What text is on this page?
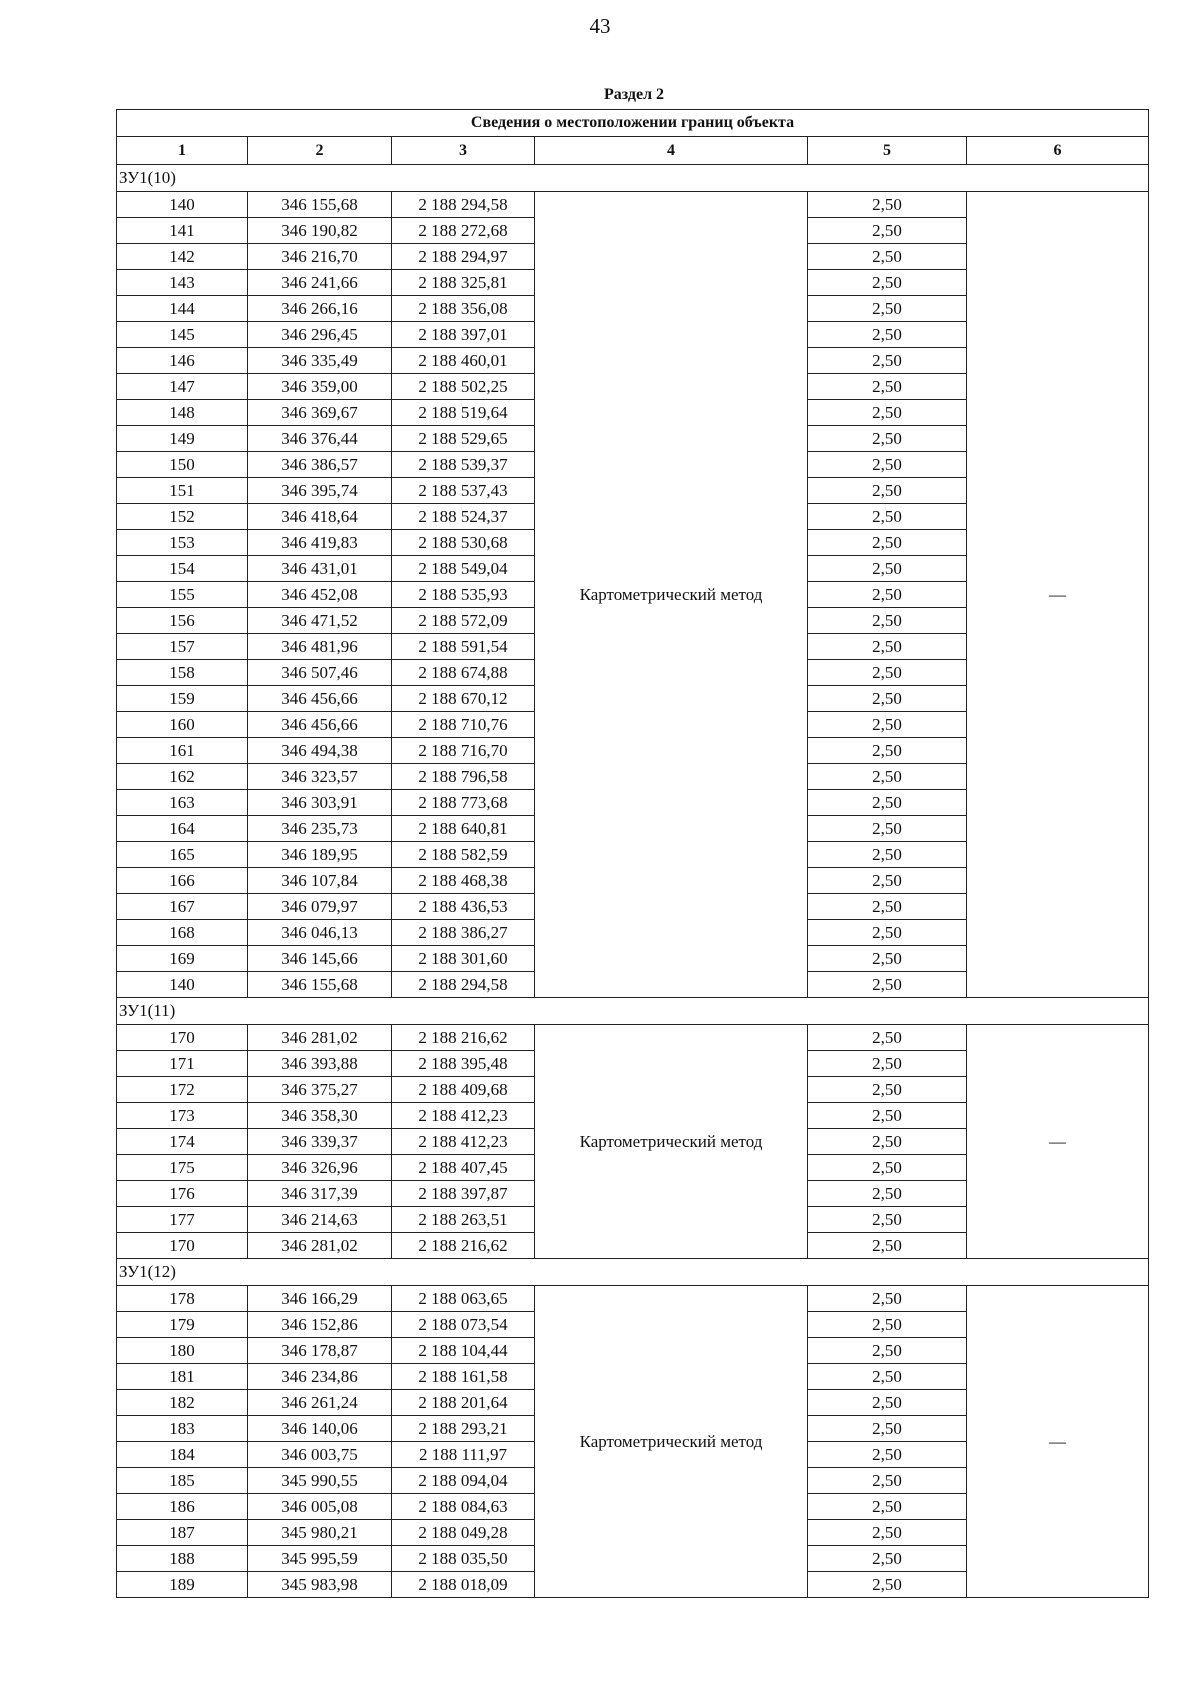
43
Раздел 2
Сведения о местоположении границ объекта					
1	2	3	4	5	6
ЗУ1(10)					
140	346 155,68	2 188 294,58	Картометрический метод	2,50	—
141	346 190,82	2 188 272,68		2,50	
142	346 216,70	2 188 294,97		2,50	
143	346 241,66	2 188 325,81		2,50	
144	346 266,16	2 188 356,08		2,50	
145	346 296,45	2 188 397,01		2,50	
146	346 335,49	2 188 460,01		2,50	
147	346 359,00	2 188 502,25		2,50	
148	346 369,67	2 188 519,64		2,50	
149	346 376,44	2 188 529,65		2,50	
150	346 386,57	2 188 539,37		2,50	
151	346 395,74	2 188 537,43		2,50	
152	346 418,64	2 188 524,37		2,50	
153	346 419,83	2 188 530,68		2,50	
154	346 431,01	2 188 549,04		2,50	
155	346 452,08	2 188 535,93		2,50	
156	346 471,52	2 188 572,09		2,50	
157	346 481,96	2 188 591,54		2,50	
158	346 507,46	2 188 674,88		2,50	
159	346 456,66	2 188 670,12		2,50	
160	346 456,66	2 188 710,76		2,50	
161	346 494,38	2 188 716,70		2,50	
162	346 323,57	2 188 796,58		2,50	
163	346 303,91	2 188 773,68		2,50	
164	346 235,73	2 188 640,81		2,50	
165	346 189,95	2 188 582,59		2,50	
166	346 107,84	2 188 468,38		2,50	
167	346 079,97	2 188 436,53		2,50	
168	346 046,13	2 188 386,27		2,50	
169	346 145,66	2 188 301,60		2,50	
140	346 155,68	2 188 294,58		2,50	
ЗУ1(11)					
170	346 281,02	2 188 216,62	Картометрический метод	2,50	—
171	346 393,88	2 188 395,48		2,50	
172	346 375,27	2 188 409,68		2,50	
173	346 358,30	2 188 412,23		2,50	
174	346 339,37	2 188 412,23		2,50	
175	346 326,96	2 188 407,45		2,50	
176	346 317,39	2 188 397,87		2,50	
177	346 214,63	2 188 263,51		2,50	
170	346 281,02	2 188 216,62		2,50	
ЗУ1(12)					
178	346 166,29	2 188 063,65	Картометрический метод	2,50	—
179	346 152,86	2 188 073,54		2,50	
180	346 178,87	2 188 104,44		2,50	
181	346 234,86	2 188 161,58		2,50	
182	346 261,24	2 188 201,64		2,50	
183	346 140,06	2 188 293,21		2,50	
184	346 003,75	2 188 111,97		2,50	
185	345 990,55	2 188 094,04		2,50	
186	346 005,08	2 188 084,63		2,50	
187	345 980,21	2 188 049,28		2,50	
188	345 995,59	2 188 035,50		2,50	
189	345 983,98	2 188 018,09		2,50	
